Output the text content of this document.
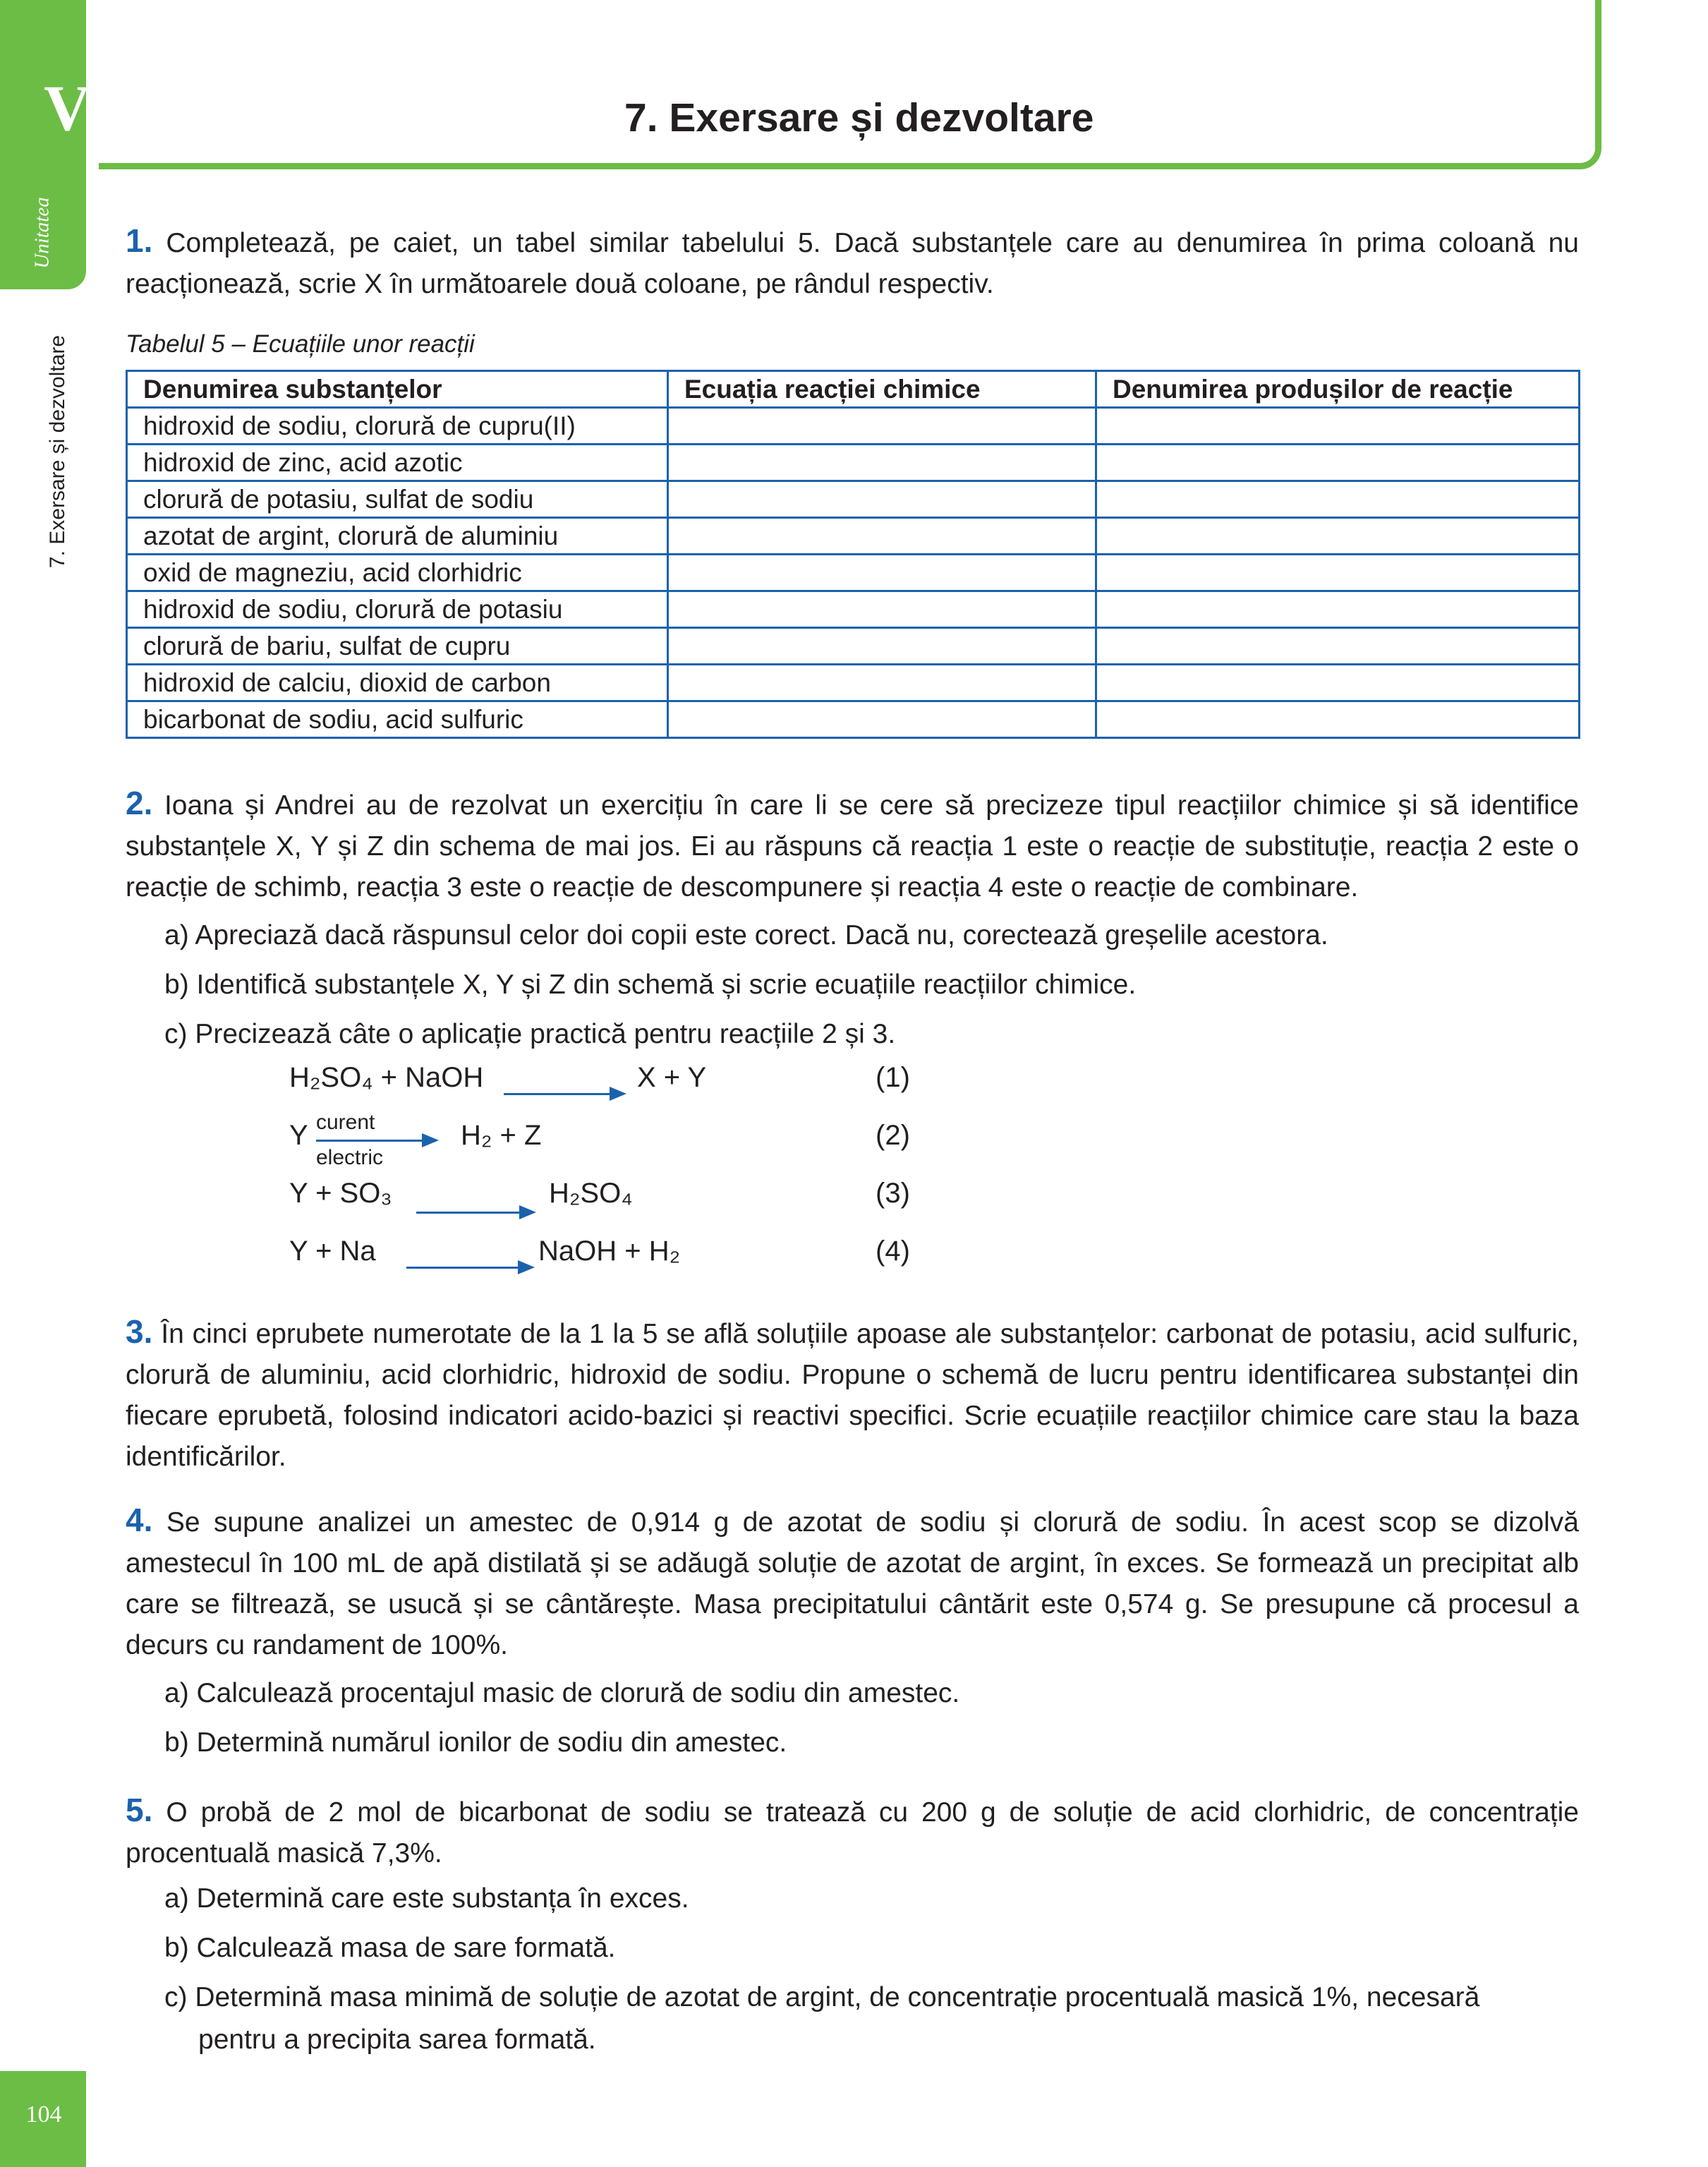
VI
Unitatea
7. Exersare și dezvoltare
104
7. Exersare și dezvoltare
1. Completează, pe caiet, un tabel similar tabelului 5. Dacă substanțele care au denumirea în prima coloană nu reacționează, scrie X în următoarele două coloane, pe rândul respectiv.
Tabelul 5 – Ecuațiile unor reacții
Denumirea substanțelor	Ecuația reacției chimice	Denumirea produșilor de reacție
hidroxid de sodiu, clorură de cupru(II)		
hidroxid de zinc, acid azotic		
clorură de potasiu, sulfat de sodiu		
azotat de argint, clorură de aluminiu		
oxid de magneziu, acid clorhidric		
hidroxid de sodiu, clorură de potasiu		
clorură de bariu, sulfat de cupru		
hidroxid de calciu, dioxid de carbon		
bicarbonat de sodiu, acid sulfuric		
2. Ioana și Andrei au de rezolvat un exercițiu în care li se cere să precizeze tipul reacțiilor chimice și să identifice substanțele X, Y și Z din schema de mai jos. Ei au răspuns că reacția 1 este o reacție de substituție, reacția 2 este o reacție de schimb, reacția 3 este o reacție de descompunere și reacția 4 este o reacție de combinare.
a) Apreciază dacă răspunsul celor doi copii este corect. Dacă nu, corectează greșelile acestora.
b) Identifică substanțele X, Y și Z din schemă și scrie ecuațiile reacțiilor chimice.
c) Precizează câte o aplicație practică pentru reacțiile 2 și 3.
H₂SO₄ + NaOH	X + Y	(1)
Y curent
electric
H₂ + Z	(2)
Y + SO₃	H₂SO₄	(3)
Y + Na	NaOH + H₂	(4)
3. În cinci eprubete numerotate de la 1 la 5 se află soluțiile apoase ale substanțelor: carbonat de potasiu, acid sulfuric, clorură de aluminiu, acid clorhidric, hidroxid de sodiu. Propune o schemă de lucru pentru identificarea substanței din fiecare eprubetă, folosind indicatori acido-bazici și reactivi specifici. Scrie ecuațiile reacțiilor chimice care stau la baza identificărilor.
4. Se supune analizei un amestec de 0,914 g de azotat de sodiu și clorură de sodiu. În acest scop se dizolvă amestecul în 100 mL de apă distilată și se adăugă soluție de azotat de argint, în exces. Se formează un precipitat alb care se filtrează, se usucă și se cântărește. Masa precipitatului cântărit este 0,574 g. Se presupune că procesul a decurs cu randament de 100%.
a) Calculează procentajul masic de clorură de sodiu din amestec.
b) Determină numărul ionilor de sodiu din amestec.
5. O probă de 2 mol de bicarbonat de sodiu se tratează cu 200 g de soluție de acid clorhidric, de concentrație procentuală masică 7,3%.
a) Determină care este substanța în exces.
b) Calculează masa de sare formată.
c) Determină masa minimă de soluție de azotat de argint, de concentrație procentuală masică 1%, necesară
pentru a precipita sarea formată.
